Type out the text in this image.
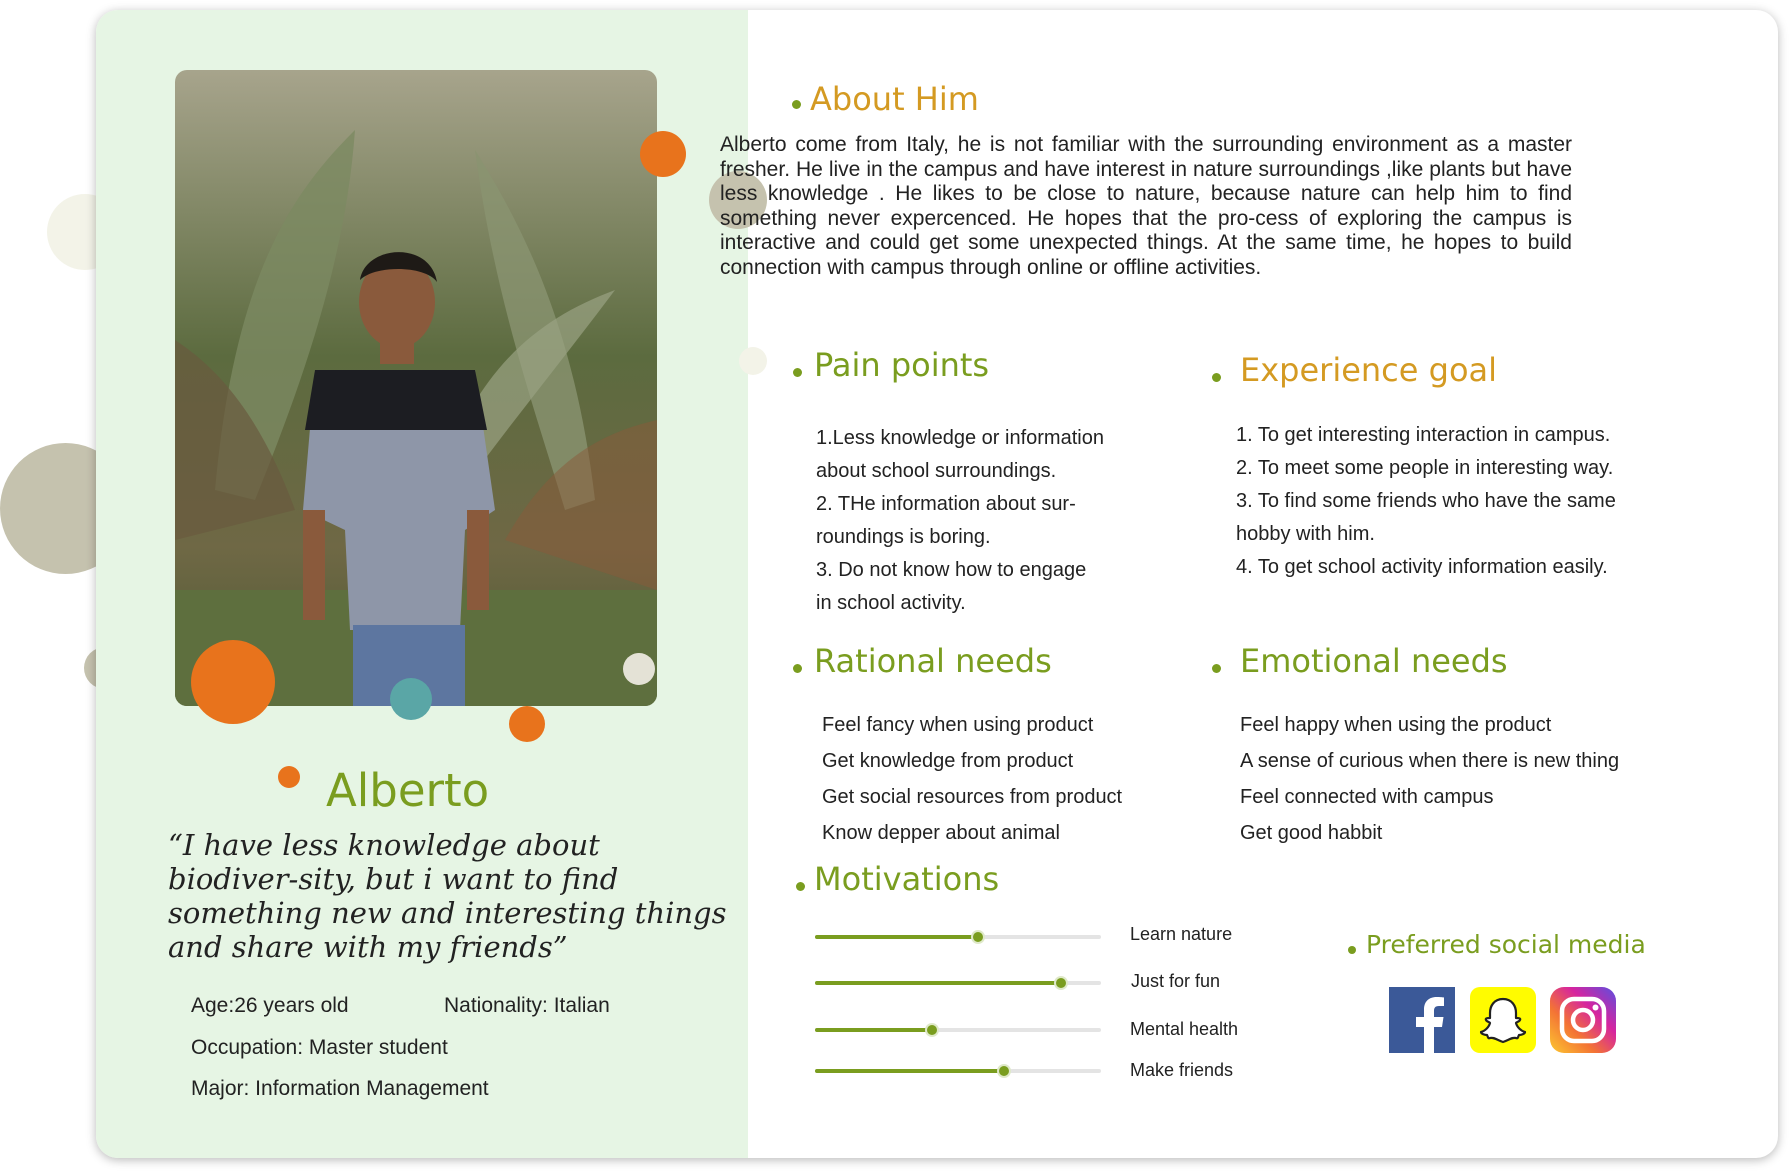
Alberto
“I have less knowledge about biodiver-sity, but i want to find something new and interesting things and share with my friends”
Age:26 years old	Nationality: Italian
Occupation: Master student
Major: Information Management
About Him
Alberto come from Italy, he is not familiar with the surrounding environment as a master fresher. He live in the campus and have interest in nature surroundings ,like plants but have less knowledge . He likes to be close to nature, because nature can help him to find something never expercenced. He hopes that the pro-cess of exploring the campus is interactive and could get some unexpected things. At the same time, he hopes to build connection with campus through online or offline activities.
Pain points
1.Less knowledge or information
about school surroundings.
2. THe information about sur-
roundings is boring.
3. Do not know how to engage
in school activity.
Experience goal
1. To get interesting interaction in campus.
2. To meet some people in interesting way.
3. To find some friends who have the same
hobby with him.
4. To get school activity information easily.
Rational needs
Feel fancy when using product
Get knowledge from product
Get social resources from product
Know depper about animal
Emotional needs
Feel happy when using the product
A sense of curious when there is new thing
Feel connected with campus
Get good habbit
Motivations
Learn nature
Just for fun
Mental health
Make friends
Preferred social media
